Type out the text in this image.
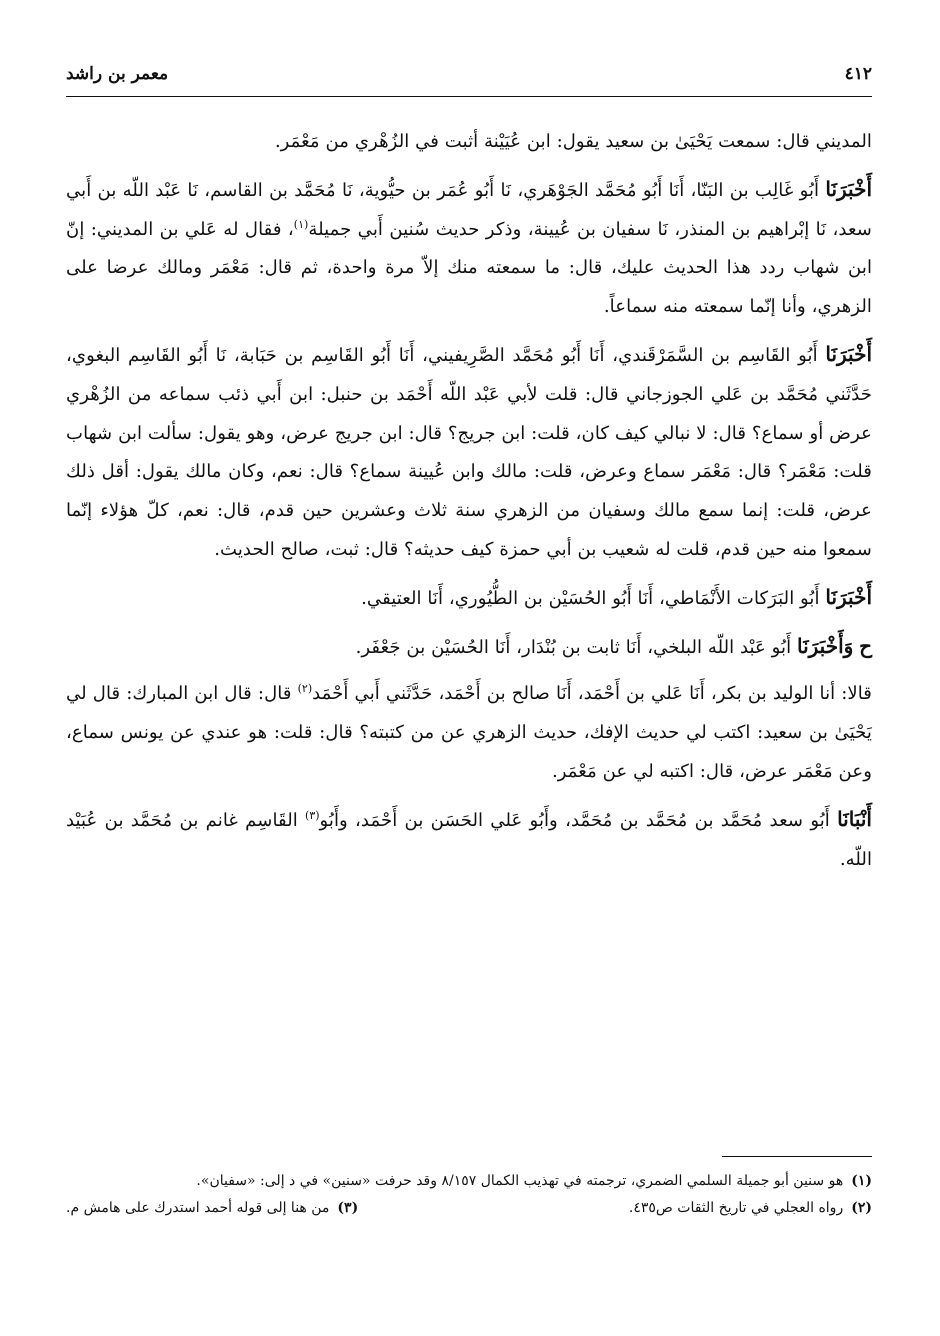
٤١٢
معمر بن راشد

المديني قال: سمعت يَحْيَىٰ بن سعيد يقول: ابن عُيَيْنة أثبت في الزُهْري من مَعْمَر.

أَخْبَرَنَا أَبُو غَالِب بن البَنّا، أَنَا أَبُو مُحَمَّد الجَوْهَري، نَا أَبُو عُمَر بن حيُّوية، نَا مُحَمَّد بن القاسم، نَا عَبْد اللّه بن أَبي سعد، نَا إبْراهيم بن المنذر، نَا سفيان بن عُيينة، وذكر حديث سُنين أَبي جميلة$^{(١)}$، فقال له عَلي بن المديني: إنّ ابن شهاب ردد هذا الحديث عليك، قال: ما سمعته منك إلاّ مرة واحدة، ثم قال: مَعْمَر ومالك عرضا على الزهري، وأنا إنّما سمعته منه سماعاً.

أَخْبَرَنَا أَبُو القَاسِم بن السَّمَرْقَندي، أَنَا أَبُو مُحَمَّد الصَّرِيفيني، أَنَا أَبُو القَاسِم بن حَبَابة، نَا أَبُو القَاسِم البغوي، حَدَّثَني مُحَمَّد بن عَلي الجوزجاني قال: قلت لأبي عَبْد اللّه أَحْمَد بن حنبل: ابن أَبي ذئب سماعه من الزُهْري عرض أو سماع؟ قال: لا نبالي كيف كان، قلت: ابن جريج؟ قال: ابن جريج عرض، وهو يقول: سألت ابن شهاب قلت: مَعْمَر؟ قال: مَعْمَر سماع وعرض، قلت: مالك وابن عُيينة سماع؟ قال: نعم، وكان مالك يقول: أقل ذلك عرض، قلت: إنما سمع مالك وسفيان من الزهري سنة ثلاث وعشرين حين قدم، قال: نعم، كلّ هؤلاء إنّما سمعوا منه حين قدم، قلت له شعيب بن أبي حمزة كيف حديثه؟ قال: ثبت، صالح الحديث.

أَخْبَرَنَا أَبُو البَرَكات الأَنْمَاطي، أَنَا أَبُو الحُسَيْن بن الطُّيُوري، أَنَا العتيقي.

ح وَأَخْبَرَنَا أَبُو عَبْد اللّه البلخي، أَنَا ثابت بن بُنْدَار، أَنَا الحُسَيْن بن جَعْفَر.

قالا: أنا الوليد بن بكر، أَنَا عَلي بن أَحْمَد، أَنَا صالح بن أَحْمَد، حَدَّثَني أَبي أَحْمَد$^{(٢)}$ قال: قال ابن المبارك: قال لي يَحْيَىٰ بن سعيد: اكتب لي حديث الإفك، حديث الزهري عن من كتبته؟ قال: قلت: هو عندي عن يونس سماع، وعن مَعْمَر عرض، قال: اكتبه لي عن مَعْمَر.

أَنْبَانَا أَبُو سعد مُحَمَّد بن مُحَمَّد بن مُحَمَّد، وأَبُو عَلي الحَسَن بن أَحْمَد، وأَبُو$^{(٣)}$ القَاسِم غانم بن مُحَمَّد بن عُبَيْد اللّه.

(١)هو سنين أبو جميلة السلمي الضمري، ترجمته في تهذيب الكمال ٨/١٥٧ وقد حرفت «سنين» في د إلى: «سفيان».

(٢)رواه العجلي في تاريخ الثقات ص٤٣٥.

(٣)من هنا إلى قوله أحمد استدرك على هامش م.
